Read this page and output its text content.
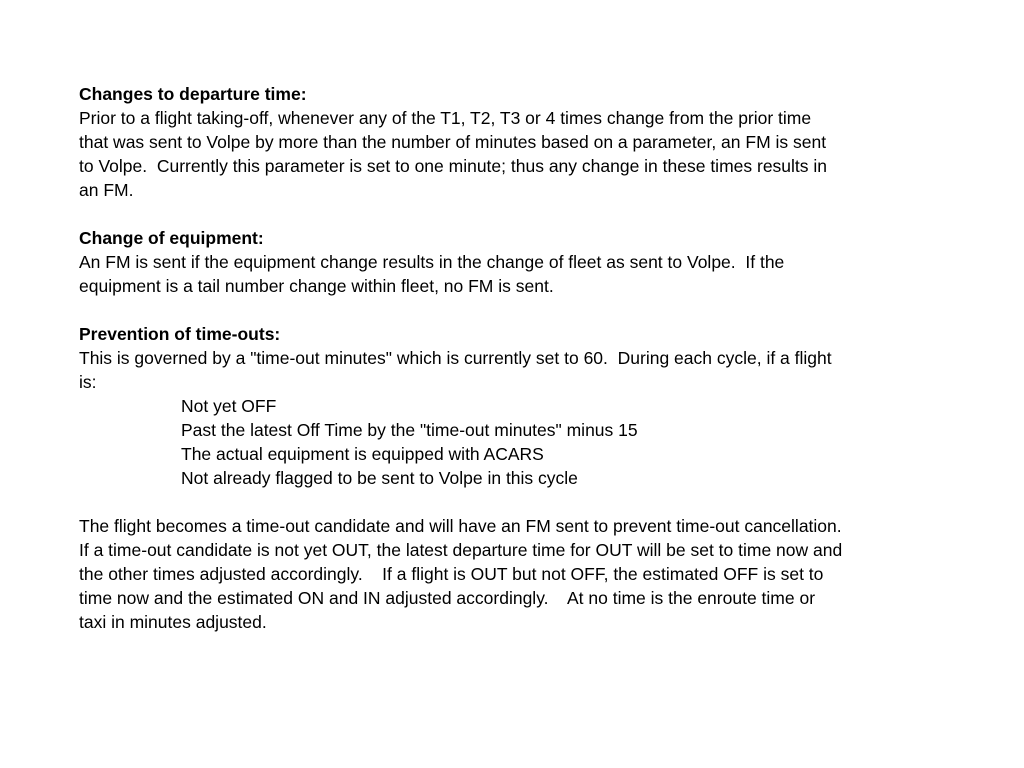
Changes to departure time:
Prior to a flight taking-off, whenever any of the T1, T2, T3 or 4 times change from the prior time
that was sent to Volpe by more than the number of minutes based on a parameter, an FM is sent
to Volpe.  Currently this parameter is set to one minute; thus any change in these times results in
an FM.
Change of equipment:
An FM is sent if the equipment change results in the change of fleet as sent to Volpe.  If the
equipment is a tail number change within fleet, no FM is sent.
Prevention of time-outs:
This is governed by a "time-out minutes" which is currently set to 60.  During each cycle, if a flight
is:
Not yet OFF
Past the latest Off Time by the "time-out minutes" minus 15
The actual equipment is equipped with ACARS
Not already flagged to be sent to Volpe in this cycle
The flight becomes a time-out candidate and will have an FM sent to prevent time-out cancellation.
If a time-out candidate is not yet OUT, the latest departure time for OUT will be set to time now and
the other times adjusted accordingly.    If a flight is OUT but not OFF, the estimated OFF is set to
time now and the estimated ON and IN adjusted accordingly.    At no time is the enroute time or
taxi in minutes adjusted.
